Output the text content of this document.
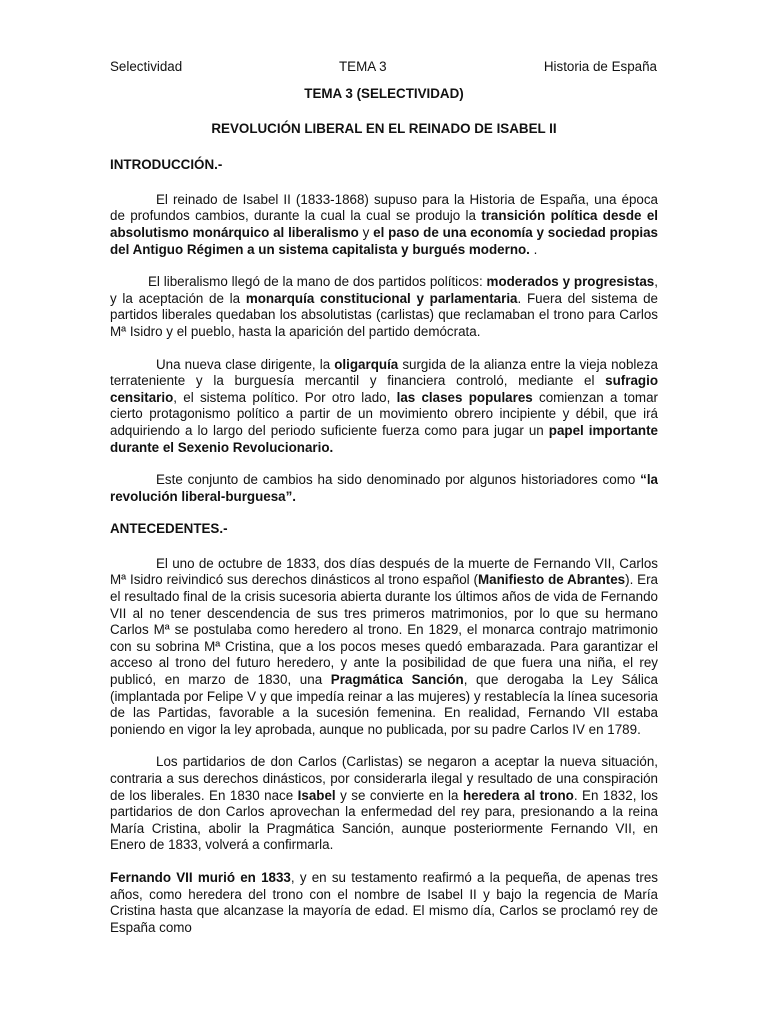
Selectividad	TEMA 3	Historia de España

TEMA 3 (SELECTIVIDAD)

REVOLUCIÓN LIBERAL EN EL REINADO DE ISABEL II

INTRODUCCIÓN.-

El reinado de Isabel II (1833-1868) supuso para la Historia de España, una época de profundos cambios, durante la cual la cual se produjo la transición política desde el absolutismo monárquico al liberalismo y el paso de una economía y sociedad propias del Antiguo Régimen a un sistema capitalista y burgués moderno. .

El liberalismo llegó de la mano de dos partidos políticos: moderados y progresistas, y la aceptación de la monarquía constitucional y parlamentaria. Fuera del sistema de partidos liberales quedaban los absolutistas (carlistas) que reclamaban el trono para Carlos Mª Isidro y el pueblo, hasta la aparición del partido demócrata.

Una nueva clase dirigente, la oligarquía surgida de la alianza entre la vieja nobleza terrateniente y la burguesía mercantil y financiera controló, mediante el sufragio censitario, el sistema político. Por otro lado, las clases populares comienzan a tomar cierto protagonismo político a partir de un movimiento obrero incipiente y débil, que irá adquiriendo a lo largo del periodo suficiente fuerza como para jugar un papel importante durante el Sexenio Revolucionario.

Este conjunto de cambios ha sido denominado por algunos historiadores como “la revolución liberal-burguesa”.

ANTECEDENTES.-

El uno de octubre de 1833, dos días después de la muerte de Fernando VII, Carlos Mª Isidro reivindicó sus derechos dinásticos al trono español (Manifiesto de Abrantes). Era el resultado final de la crisis sucesoria abierta durante los últimos años de vida de Fernando VII al no tener descendencia de sus tres primeros matrimonios, por lo que su hermano Carlos Mª se postulaba como heredero al trono. En 1829, el monarca contrajo matrimonio con su sobrina Mª Cristina, que a los pocos meses quedó embarazada. Para garantizar el acceso al trono del futuro heredero, y ante la posibilidad de que fuera una niña, el rey publicó, en marzo de 1830, una Pragmática Sanción, que derogaba la Ley Sálica (implantada por Felipe V y que impedía reinar a las mujeres) y restablecía la línea sucesoria de las Partidas, favorable a la sucesión femenina. En realidad, Fernando VII estaba poniendo en vigor la ley aprobada, aunque no publicada, por su padre Carlos IV en 1789.

Los partidarios de don Carlos (Carlistas) se negaron a aceptar la nueva situación, contraria a sus derechos dinásticos, por considerarla ilegal y resultado de una conspiración de los liberales. En 1830 nace Isabel y se convierte en la heredera al trono. En 1832, los partidarios de don Carlos aprovechan la enfermedad del rey para, presionando a la reina María Cristina, abolir la Pragmática Sanción, aunque posteriormente Fernando VII, en Enero de 1833, volverá a confirmarla.

Fernando VII murió en 1833, y en su testamento reafirmó a la pequeña, de apenas tres años, como heredera del trono con el nombre de Isabel II y bajo la regencia de María Cristina hasta que alcanzase la mayoría de edad. El mismo día, Carlos se proclamó rey de España como
